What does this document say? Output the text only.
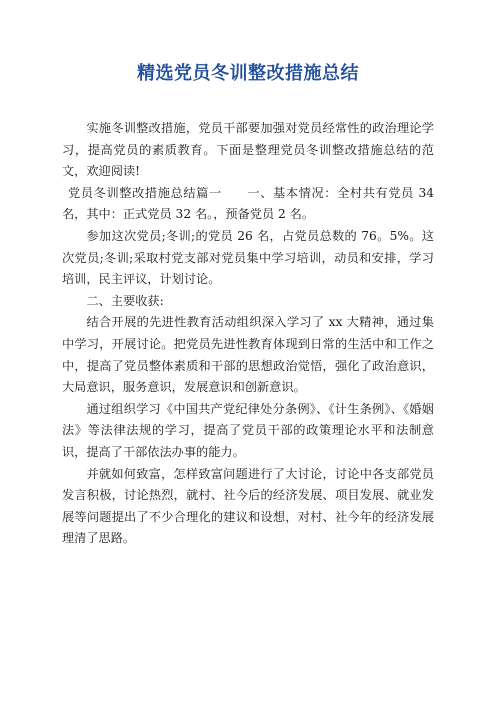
精选党员冬训整改措施总结

实施冬训整改措施，党员干部要加强对党员经常性的政治理论学习，提高党员的素质教育。下面是整理党员冬训整改措施总结的范文，欢迎阅读!

党员冬训整改措施总结篇一　　一、基本情况：全村共有党员 34 名，其中：正式党员 32 名。，预备党员 2 名。

参加这次党员;冬训;的党员 26 名，占党员总数的 76。5%。这次党员;冬训;采取村党支部对党员集中学习培训，动员和安排，学习培训，民主评议，计划讨论。

二、主要收获:

结合开展的先进性教育活动组织深入学习了 xx 大精神，通过集中学习，开展讨论。把党员先进性教育体现到日常的生活中和工作之中，提高了党员整体素质和干部的思想政治觉悟，强化了政治意识，大局意识，服务意识，发展意识和创新意识。

通过组织学习《中国共产党纪律处分条例》、《计生条例》、《婚姻法》等法律法规的学习，提高了党员干部的政策理论水平和法制意识，提高了干部依法办事的能力。

并就如何致富，怎样致富问题进行了大讨论，讨论中各支部党员发言积极，讨论热烈，就村、社今后的经济发展、项目发展、就业发展等问题提出了不少合理化的建议和设想，对村、社今年的经济发展理清了思路。
